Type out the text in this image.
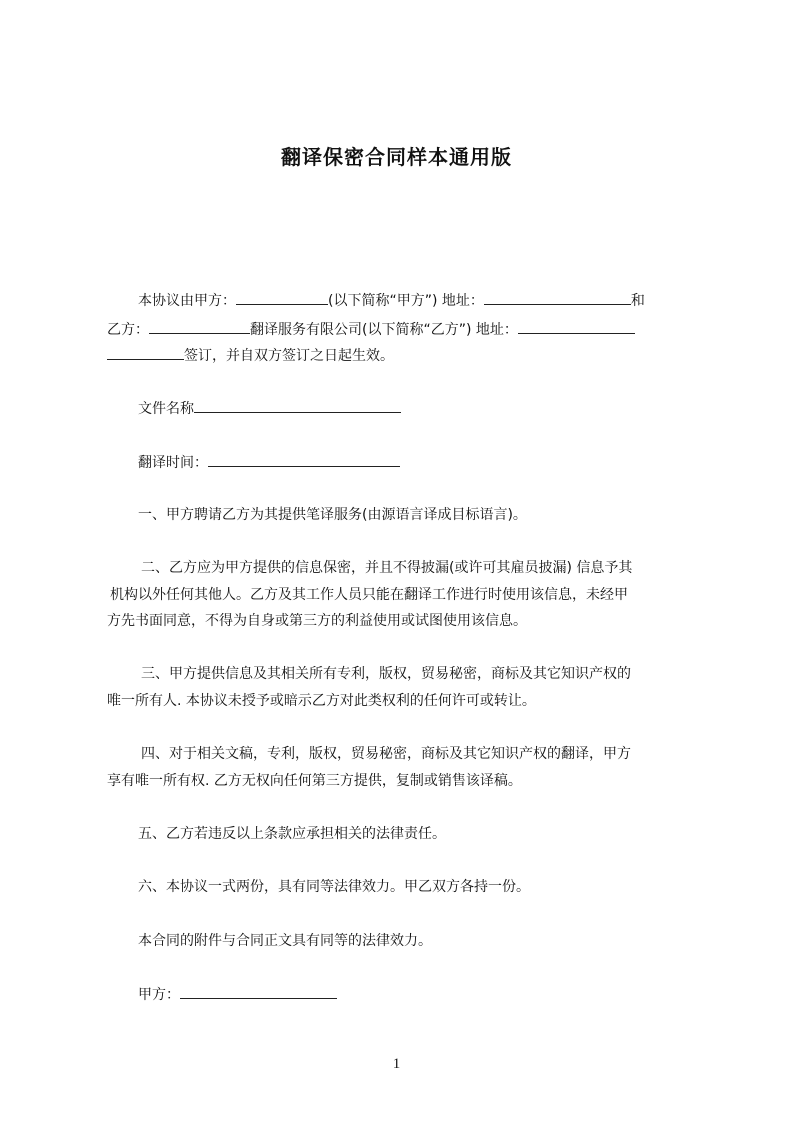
翻译保密合同样本通用版
本协议由甲方：	(以下简称“甲方”) 地址：	和
乙方：	翻译服务有限公司(以下简称“乙方”) 地址：
签订，并自双方签订之日起生效。
文件名称
翻译时间：
一、甲方聘请乙方为其提供笔译服务(由源语言译成目标语言)。
二、乙方应为甲方提供的信息保密，并且不得披漏(或许可其雇员披漏) 信息予其
机构以外任何其他人。乙方及其工作人员只能在翻译工作进行时使用该信息，未经甲
方先书面同意，不得为自身或第三方的利益使用或试图使用该信息。
三、甲方提供信息及其相关所有专利，版权，贸易秘密，商标及其它知识产权的
唯一所有人. 本协议未授予或暗示乙方对此类权利的任何许可或转让。
四、对于相关文稿，专利，版权，贸易秘密，商标及其它知识产权的翻译，甲方
享有唯一所有权. 乙方无权向任何第三方提供，复制或销售该译稿。
五、乙方若违反以上条款应承担相关的法律责任。
六、本协议一式两份，具有同等法律效力。甲乙双方各持一份。
本合同的附件与合同正文具有同等的法律效力。
甲方：
1
